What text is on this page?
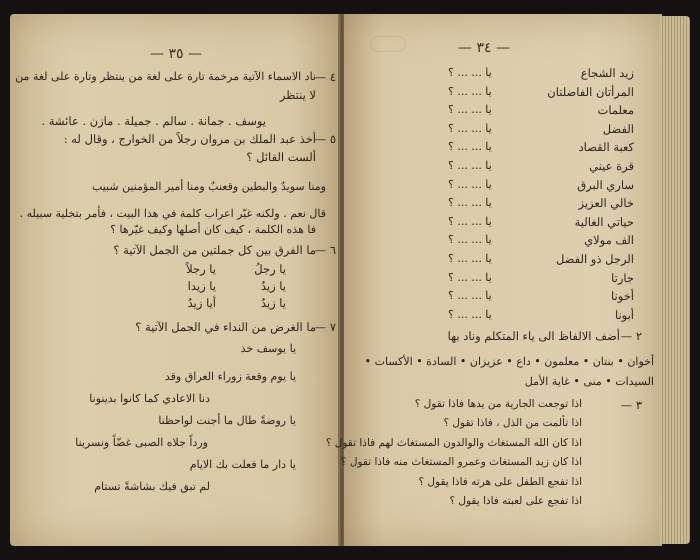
— ٣٤ —
زيد الشجاع
يا ... ... ؟
المرأتان الفاضلتان
يا ... ... ؟
معلمات
يا ... ... ؟
الفضل
يا ... ... ؟
كعبة القصاد
يا ... ... ؟
قرة عيني
يا ... ... ؟
ساري البرق
يا ... ... ؟
خالي العزيز
يا ... ... ؟
حياتي الغالية
يا ... ... ؟
الف مولاي
يا ... ... ؟
الرجل ذو الفضل
يا ... ... ؟
جارتا
يا ... ... ؟
أخونا
يا ... ... ؟
أبونا
يا ... ... ؟
٢ —
أضف الالفاظ الى ياء المتكلم وناد بها
أخوان • بنتان • معلمون • داع • عزيزان • السادة • الأكسات •
السيدات • منى • غاية الأمل
٣ —
اذا توجعت الجارية من يدها فاذا تقول ؟
اذا تألمت من الذل ، فاذا تقول ؟
اذا كان الله المستغاث والوالدون المستغاث لهم فاذا تقول ؟
اذا كان زيد المستغاث وعمرو المستغاث منه فاذا تقول ؟
اذا تفجع الطفل على هرته فاذا يقول ؟
اذا تفجع على لعبته فاذا يقول ؟
— ٣٥ —
٤ —
ناد الاسماء الآتية مرخمة تارة على لغة من ينتظر وتارة على لغة من
لا ينتظر
يوسف . جمانة . سالم . جميلة . مازن . عائشة .
٥ —
أخذ عبد الملك بن مروان رجلاً من الخوارج ، وقال له :
ألست القائل ؟
ومنا سويدٌ والبطين وقعنبٌ ومنا أمير المؤمنين شبيب
قال نعم . ولكنه غيّر اعراب كلمة في هذا البيت ، فأمر بتخلية سبيله .
فا هذه الكلمة ، كيف كان أصلها وكيف غيّرها ؟
٦ —
ما الفرق بين كل جملتين من الجمل الآتية ؟
يا رجلُ
يا رجلاً
يا زيدُ
يا زيدا
يا زيدُ
أيا زيدُ
٧ —
ما الغرض من النداء في الجمل الآتية ؟
يا يوسف خذ
يا يوم وقعة زوراء العراق وقد
دنا الاعادي كما كانوا بدينونا
يا روضةً طال ما أجنت لواحظنا
ورداً جلاه الصبى غضّاً ونسرينا
يا دار ما فعلت بك الايام
لم تبق فيك بشاشةً تستام
